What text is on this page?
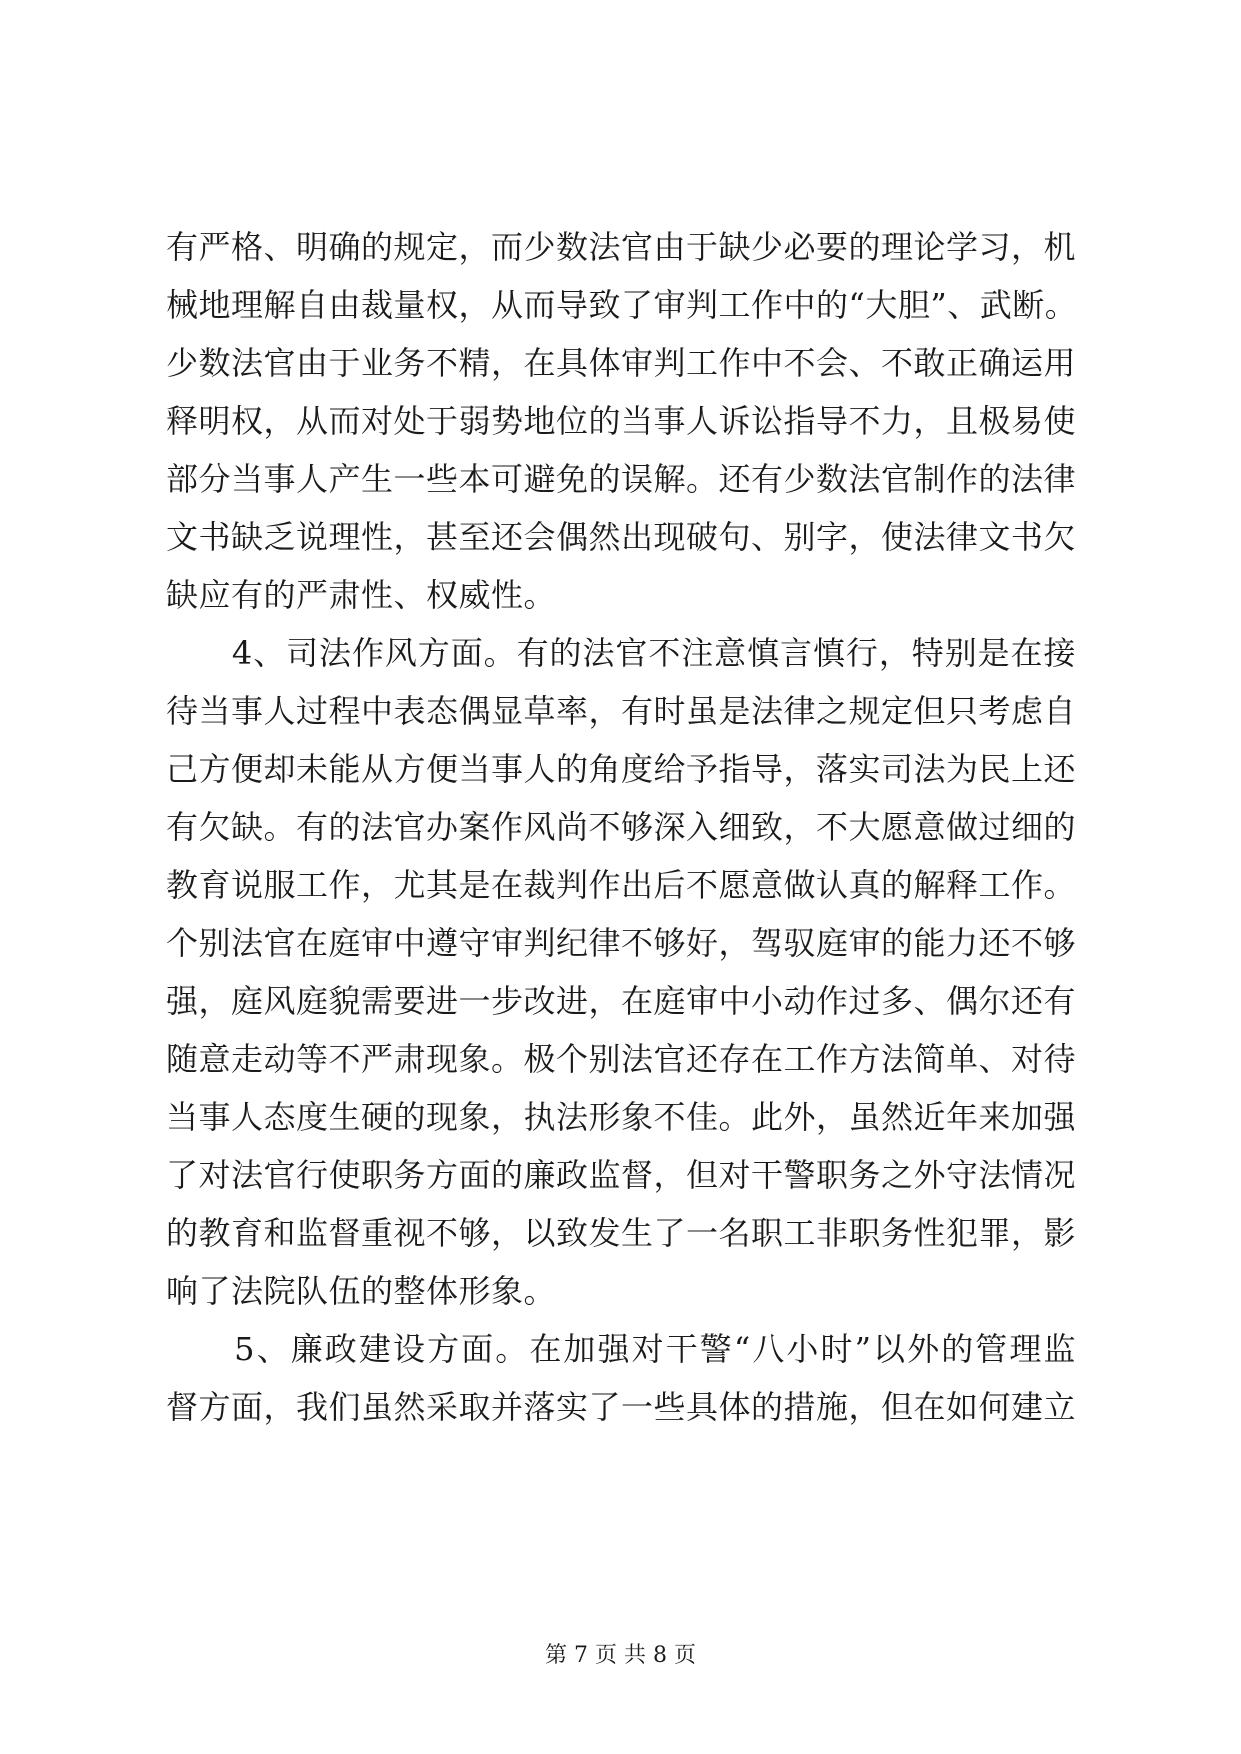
有严格、明确的规定，而少数法官由于缺少必要的理论学习，机
械地理解自由裁量权，从而导致了审判工作中的“大胆”、武断。
少数法官由于业务不精，在具体审判工作中不会、不敢正确运用
释明权，从而对处于弱势地位的当事人诉讼指导不力，且极易使
部分当事人产生一些本可避免的误解。还有少数法官制作的法律
文书缺乏说理性，甚至还会偶然出现破句、别字，使法律文书欠
缺应有的严肃性、权威性。
　　4、司法作风方面。有的法官不注意慎言慎行，特别是在接
待当事人过程中表态偶显草率，有时虽是法律之规定但只考虑自
己方便却未能从方便当事人的角度给予指导，落实司法为民上还
有欠缺。有的法官办案作风尚不够深入细致，不大愿意做过细的
教育说服工作，尤其是在裁判作出后不愿意做认真的解释工作。
个别法官在庭审中遵守审判纪律不够好，驾驭庭审的能力还不够
强，庭风庭貌需要进一步改进，在庭审中小动作过多、偶尔还有
随意走动等不严肃现象。极个别法官还存在工作方法简单、对待
当事人态度生硬的现象，执法形象不佳。此外，虽然近年来加强
了对法官行使职务方面的廉政监督，但对干警职务之外守法情况
的教育和监督重视不够，以致发生了一名职工非职务性犯罪，影
响了法院队伍的整体形象。
　　5、廉政建设方面。在加强对干警“八小时”以外的管理监
督方面，我们虽然采取并落实了一些具体的措施，但在如何建立
第 7 页 共 8 页
